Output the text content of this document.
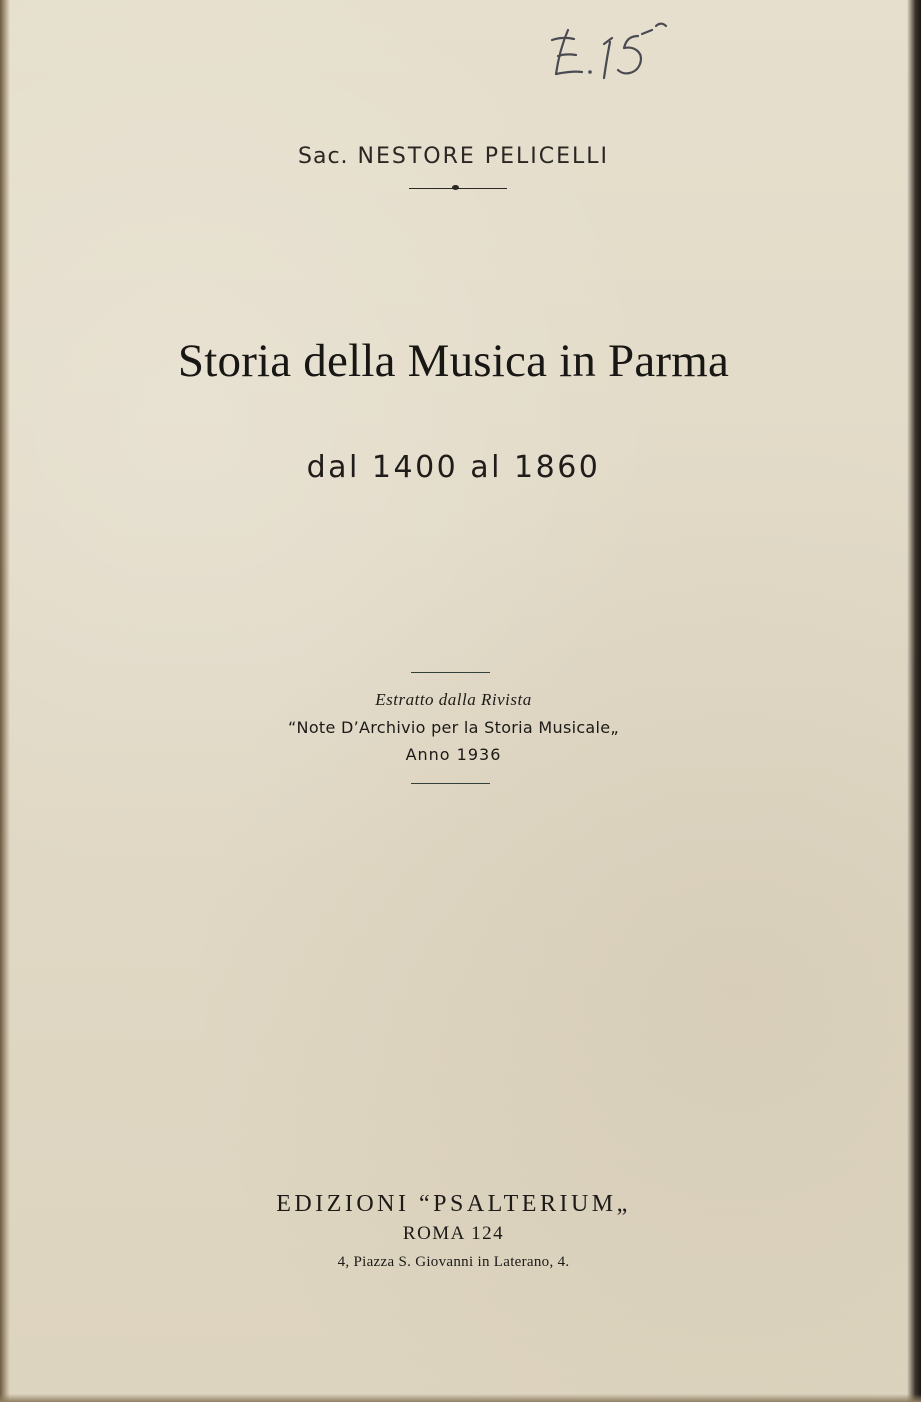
Sac. NESTORE PELICELLI
Storia della Musica in Parma
dal 1400 al 1860
Estratto dalla Rivista
“Note D’Archivio per la Storia Musicale„
Anno 1936
EDIZIONI “PSALTERIUM„
ROMA 124
4, Piazza S. Giovanni in Laterano, 4.
